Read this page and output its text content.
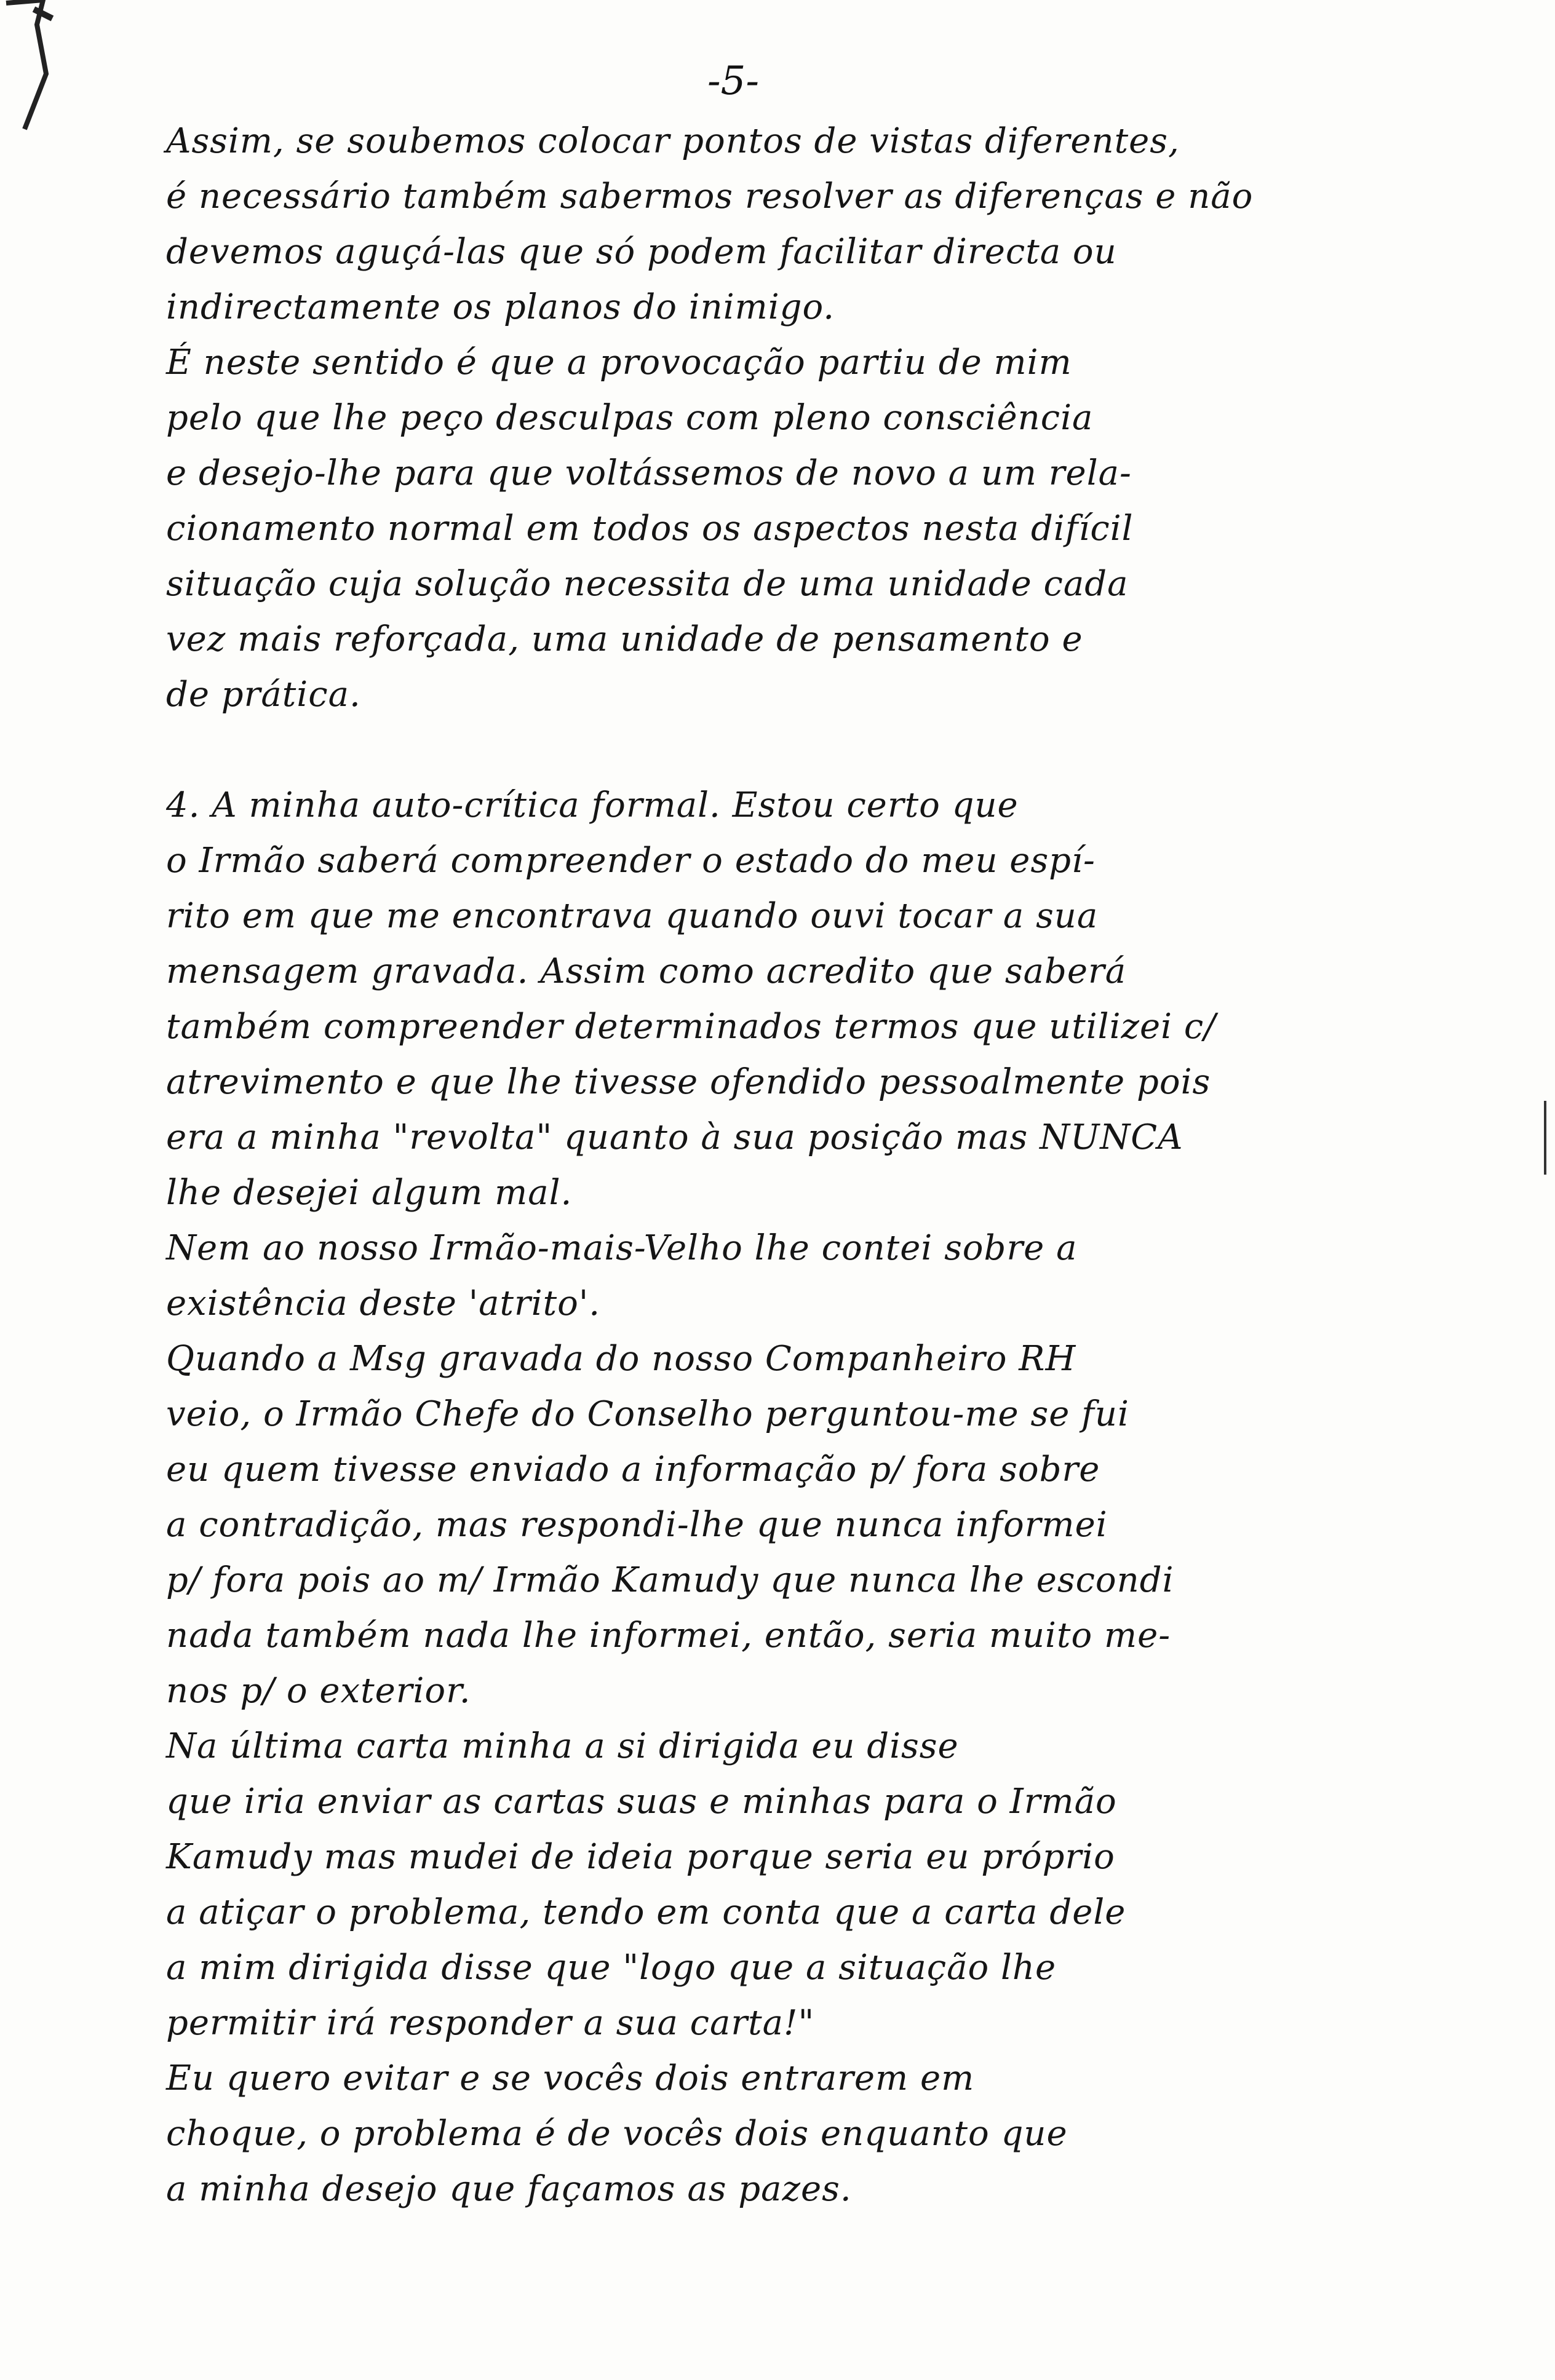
-5-
Assim, se soubemos colocar pontos de vistas diferentes,
é necessário também sabermos resolver as diferenças e não
devemos aguçá-las que só podem facilitar directa ou
indirectamente os planos do inimigo.
É neste sentido é que a provocação partiu de mim
pelo que lhe peço desculpas com pleno consciência
e desejo-lhe para que voltássemos de novo a um rela-
cionamento normal em todos os aspectos nesta difícil
situação cuja solução necessita de uma unidade cada
vez mais reforçada, uma unidade de pensamento e
de prática.
4. A minha auto-crítica formal. Estou certo que
o Irmão saberá compreender o estado do meu espí-
rito em que me encontrava quando ouvi tocar a sua
mensagem gravada. Assim como acredito que saberá
também compreender determinados termos que utilizei c/
atrevimento e que lhe tivesse ofendido pessoalmente pois
era a minha "revolta" quanto à sua posição mas NUNCA
lhe desejei algum mal.
Nem ao nosso Irmão-mais-Velho lhe contei sobre a
existência deste 'atrito'.
Quando a Msg gravada do nosso Companheiro RH
veio, o Irmão Chefe do Conselho perguntou-me se fui
eu quem tivesse enviado a informação p/ fora sobre
a contradição, mas respondi-lhe que nunca informei
p/ fora pois ao m/ Irmão Kamudy que nunca lhe escondi
nada também nada lhe informei, então, seria muito me-
nos p/ o exterior.
Na última carta minha a si dirigida eu disse
que iria enviar as cartas suas e minhas para o Irmão
Kamudy mas mudei de ideia porque seria eu próprio
a atiçar o problema, tendo em conta que a carta dele
a mim dirigida disse que "logo que a situação lhe
permitir irá responder a sua carta!"
Eu quero evitar e se vocês dois entrarem em
choque, o problema é de vocês dois enquanto que
a minha desejo que façamos as pazes.
